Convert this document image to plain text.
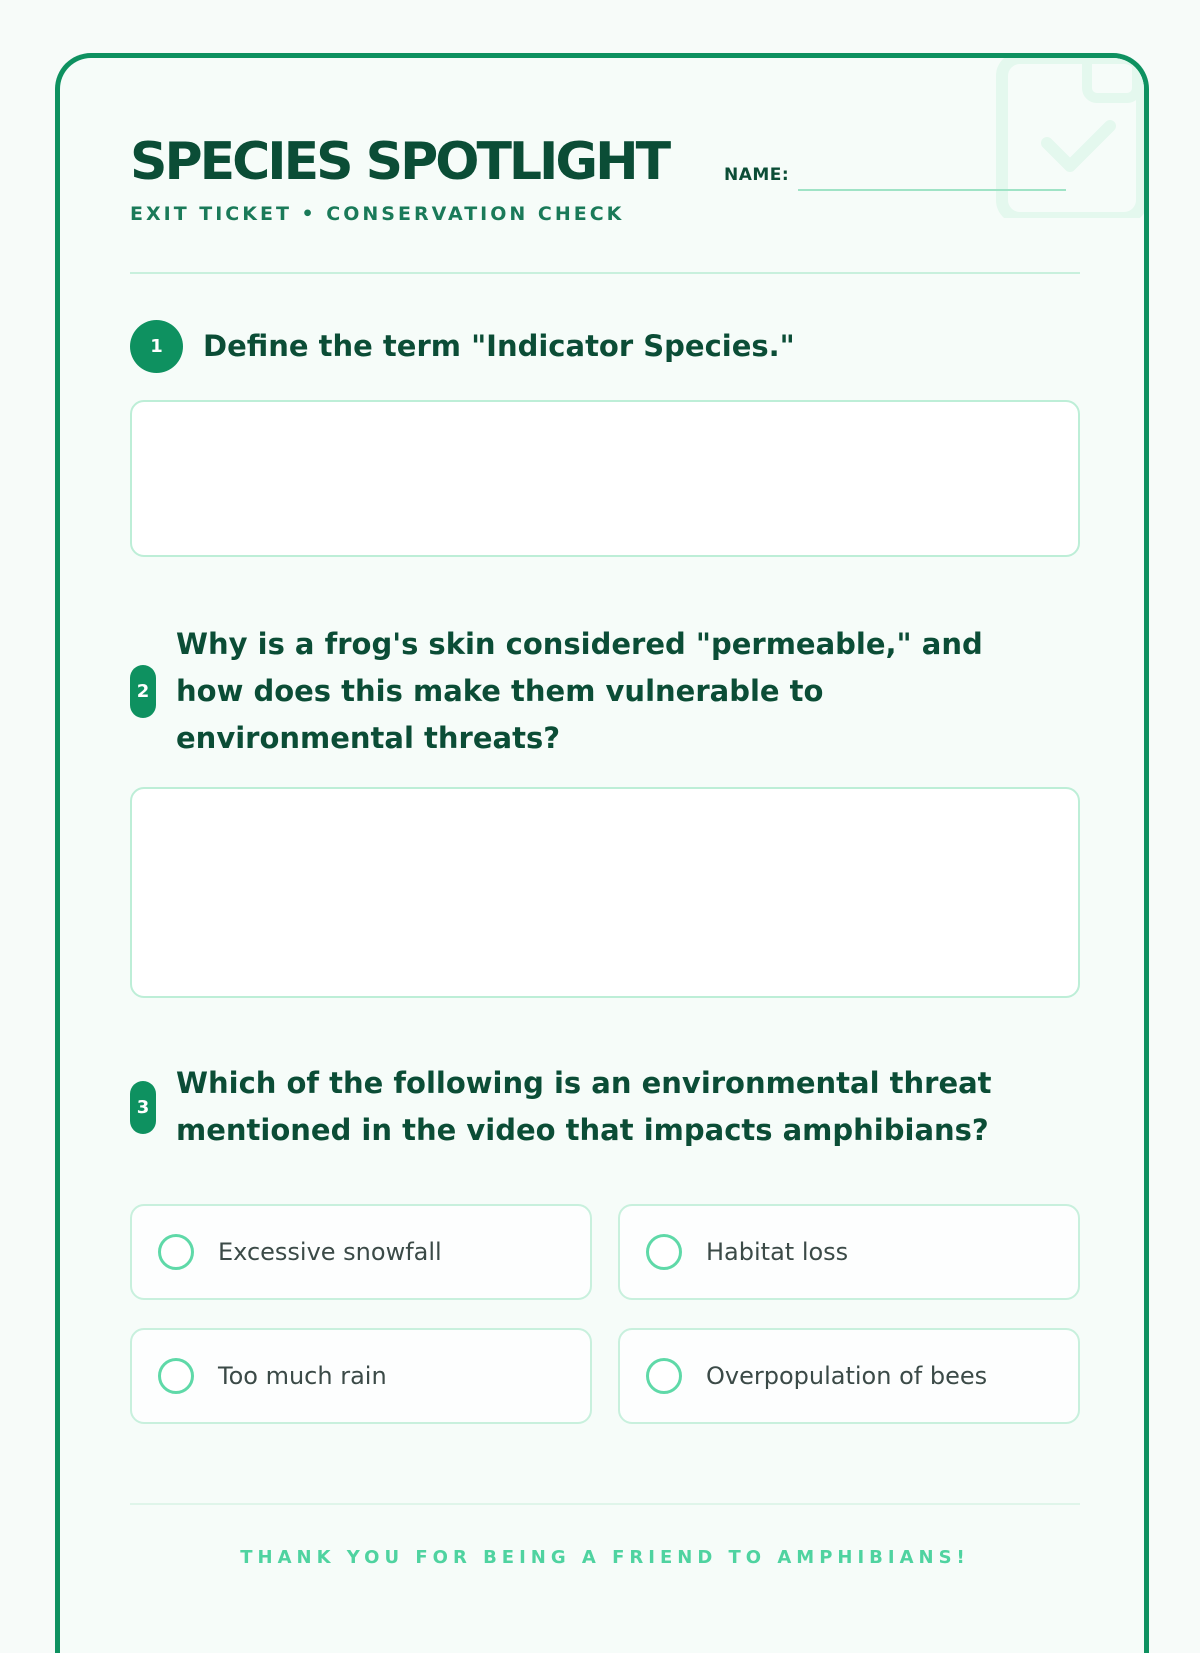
SPECIES SPOTLIGHT	NAME:
EXIT TICKET • CONSERVATION CHECK
1	Define the term "Indicator Species."
2
Why is a frog's skin considered "permeable," and how does this make them vulnerable to environmental threats?
3
Which of the following is an environmental threat mentioned in the video that impacts amphibians?
Excessive snowfall	Habitat loss
Too much rain	Overpopulation of bees
THANK YOU FOR BEING A FRIEND TO AMPHIBIANS!
